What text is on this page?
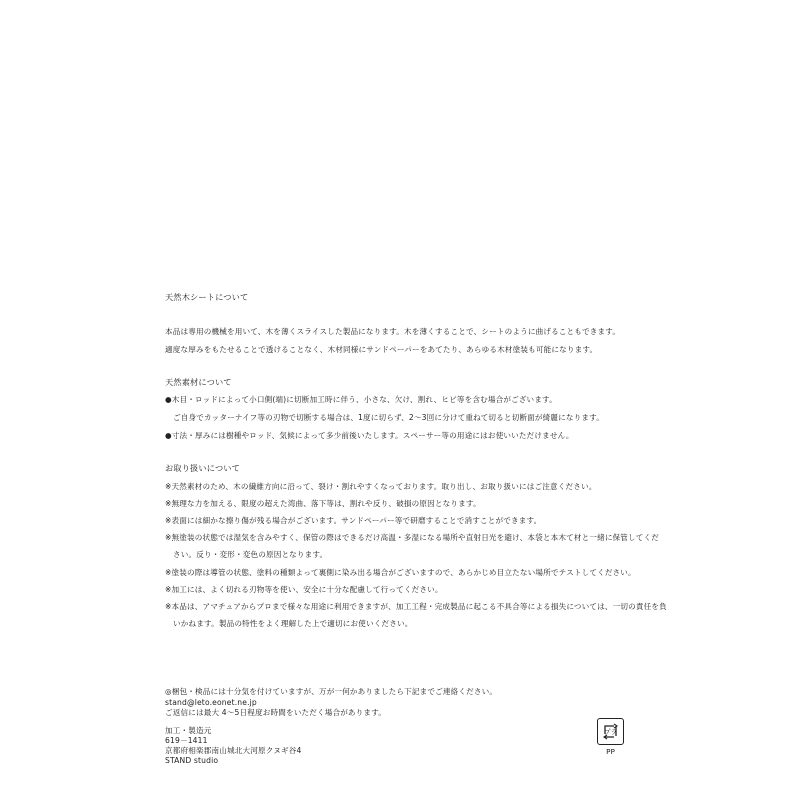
天然木シートについて
本品は専用の機械を用いて、木を薄くスライスした製品になります。木を薄くすることで、シートのように曲げることもできます。
適度な厚みをもたせることで透けることなく、木材同様にサンドペーパーをあてたり、あらゆる木材塗装も可能になります。
天然素材について
●木目・ロッドによって小口側(端)に切断加工時に伴う、小さな、欠け、割れ、ヒビ等を含む場合がございます。
ご自身でカッターナイフ等の刃物で切断する場合は、1度に切らず、2～3回に分けて重ねて切ると切断面が綺麗になります。
●寸法・厚みには樹種やロッド、気候によって多少前後いたします。スペーサー等の用途にはお使いいただけません。
お取り扱いについて
※天然素材のため、木の繊維方向に沿って、裂け・割れやすくなっております。取り出し、お取り扱いにはご注意ください。
※無理な力を加える、限度の超えた湾曲、落下等は、割れや反り、破損の原因となります。
※表面には細かな擦り傷が残る場合がございます。サンドペーパー等で研磨することで消すことができます。
※無塗装の状態では湿気を含みやすく、保管の際はできるだけ高温・多湿になる場所や直射日光を避け、本袋と本木て材と一緒に保管してくだ
さい。反り・変形・変色の原因となります。
※塗装の際は導管の状態、塗料の種類よって裏側に染み出る場合がございますので、あらかじめ目立たない場所でテストしてください。
※加工には、よく切れる刃物等を使い、安全に十分な配慮して行ってください。
※本品は、アマチュアからプロまで様々な用途に利用できますが、加工工程・完成製品に起こる不具合等による損失については、一切の責任を負
いかねます。製品の特性をよく理解した上で適切にお使いください。
◎梱包・検品には十分気を付けていますが、万が一何かありましたら下記までご連絡ください。
stand@leto.eonet.ne.jp
ご返信には最大 4～5日程度お時間をいただく場合があります。
加工・製造元
619－1411
京都府相楽郡南山城北大河原クヌギ谷4
STAND studio
プラ
PP
